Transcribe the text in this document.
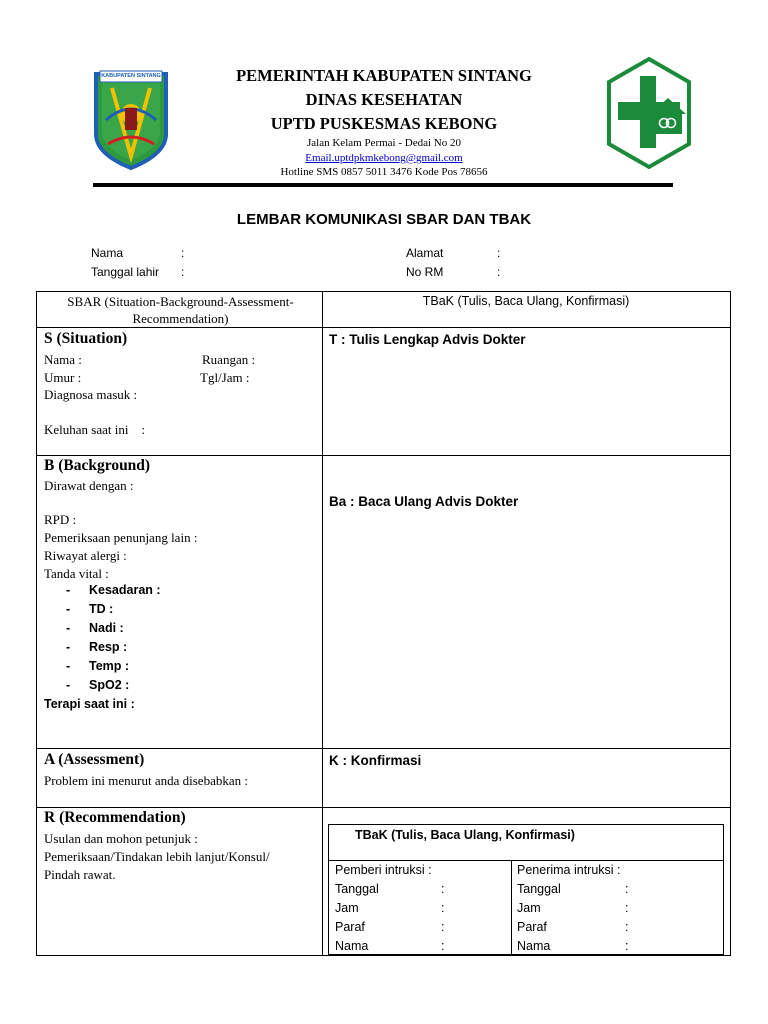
KABUPATEN SINTANG	PEMERINTAH KABUPATEN SINTANG
DINAS KESEHATAN
UPTD PUSKESMAS KEBONG
Jalan Kelam Permai - Dedai No 20
Email.uptdpkmkebong@gmail.com
Hotline SMS 0857 5011 3476 Kode Pos 78656
LEMBAR KOMUNIKASI SBAR DAN TBAK
Nama	:
Tanggal lahir :
Alamat	:
No RM	:
SBAR (Situation-Background-Assessment-Recommendation)
TBaK (Tulis, Baca Ulang, Konfirmasi)
S (Situation)
Nama :	Ruangan :
Umur :	Tgl/Jam :
Diagnosa masuk :
Keluhan saat ini    :
T : Tulis Lengkap Advis Dokter
B (Background)
Dirawat dengan :
RPD :
Pemeriksaan penunjang lain :
Riwayat alergi :
Tanda vital :
- Kesadaran :
- TD :
- Nadi :
- Resp :
- Temp :
- SpO2 :
Terapi saat ini :
Ba : Baca Ulang Advis Dokter
A (Assessment)
Problem ini menurut anda disebabkan :
K : Konfirmasi
R (Recommendation)
Usulan dan mohon petunjuk :
Pemeriksaan/Tindakan lebih lanjut/Konsul/
Pindah rawat.
TBaK (Tulis, Baca Ulang, Konfirmasi)
Pemberi intruksi :
Tanggal	:
Jam	:
Paraf	:
Nama	:
Penerima intruksi :
Tanggal	:
Jam	:
Paraf	:
Nama	:
